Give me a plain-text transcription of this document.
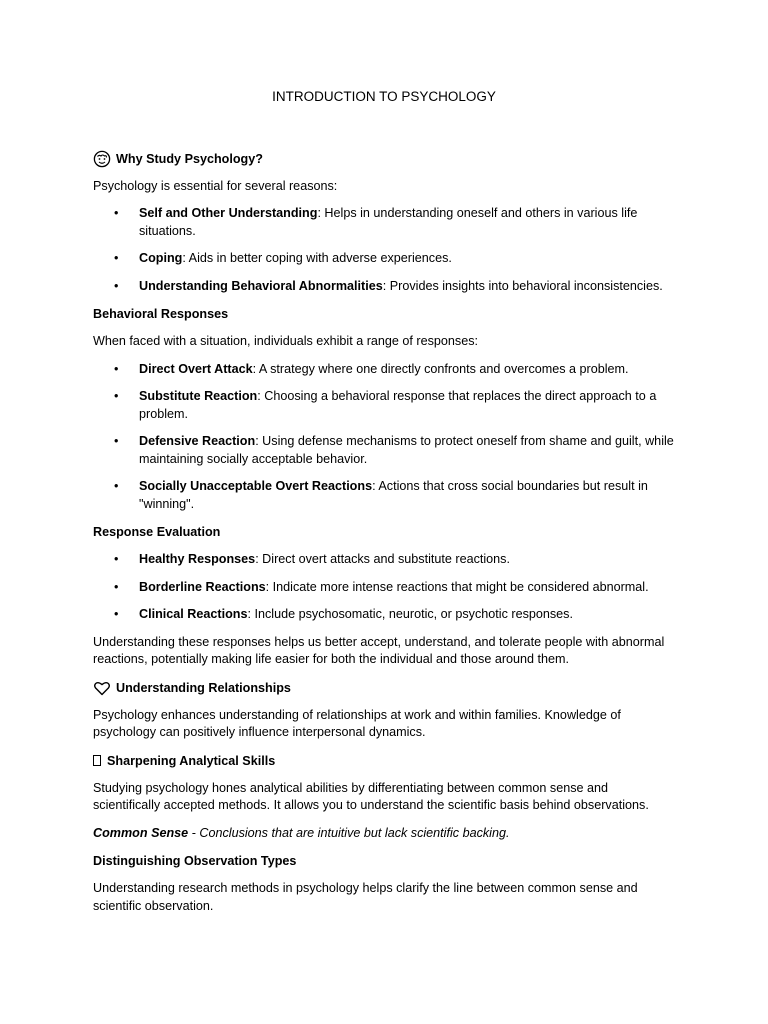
INTRODUCTION TO PSYCHOLOGY
Why Study Psychology?

Psychology is essential for several reasons:

• Self and Other Understanding: Helps in understanding oneself and others in various life situations.
• Coping: Aids in better coping with adverse experiences.
• Understanding Behavioral Abnormalities: Provides insights into behavioral inconsistencies.
Behavioral Responses

When faced with a situation, individuals exhibit a range of responses:

• Direct Overt Attack: A strategy where one directly confronts and overcomes a problem.
• Substitute Reaction: Choosing a behavioral response that replaces the direct approach to a problem.
• Defensive Reaction: Using defense mechanisms to protect oneself from shame and guilt, while maintaining socially acceptable behavior.
• Socially Unacceptable Overt Reactions: Actions that cross social boundaries but result in "winning".
Response Evaluation
• Healthy Responses: Direct overt attacks and substitute reactions.
• Borderline Reactions: Indicate more intense reactions that might be considered abnormal.
• Clinical Reactions: Include psychosomatic, neurotic, or psychotic responses.

Understanding these responses helps us better accept, understand, and tolerate people with abnormal reactions, potentially making life easier for both the individual and those around them.

Understanding Relationships

Psychology enhances understanding of relationships at work and within families. Knowledge of psychology can positively influence interpersonal dynamics.

Sharpening Analytical Skills

Studying psychology hones analytical abilities by differentiating between common sense and scientifically accepted methods. It allows you to understand the scientific basis behind observations.

Common Sense - Conclusions that are intuitive but lack scientific backing.

Distinguishing Observation Types

Understanding research methods in psychology helps clarify the line between common sense and scientific observation.
